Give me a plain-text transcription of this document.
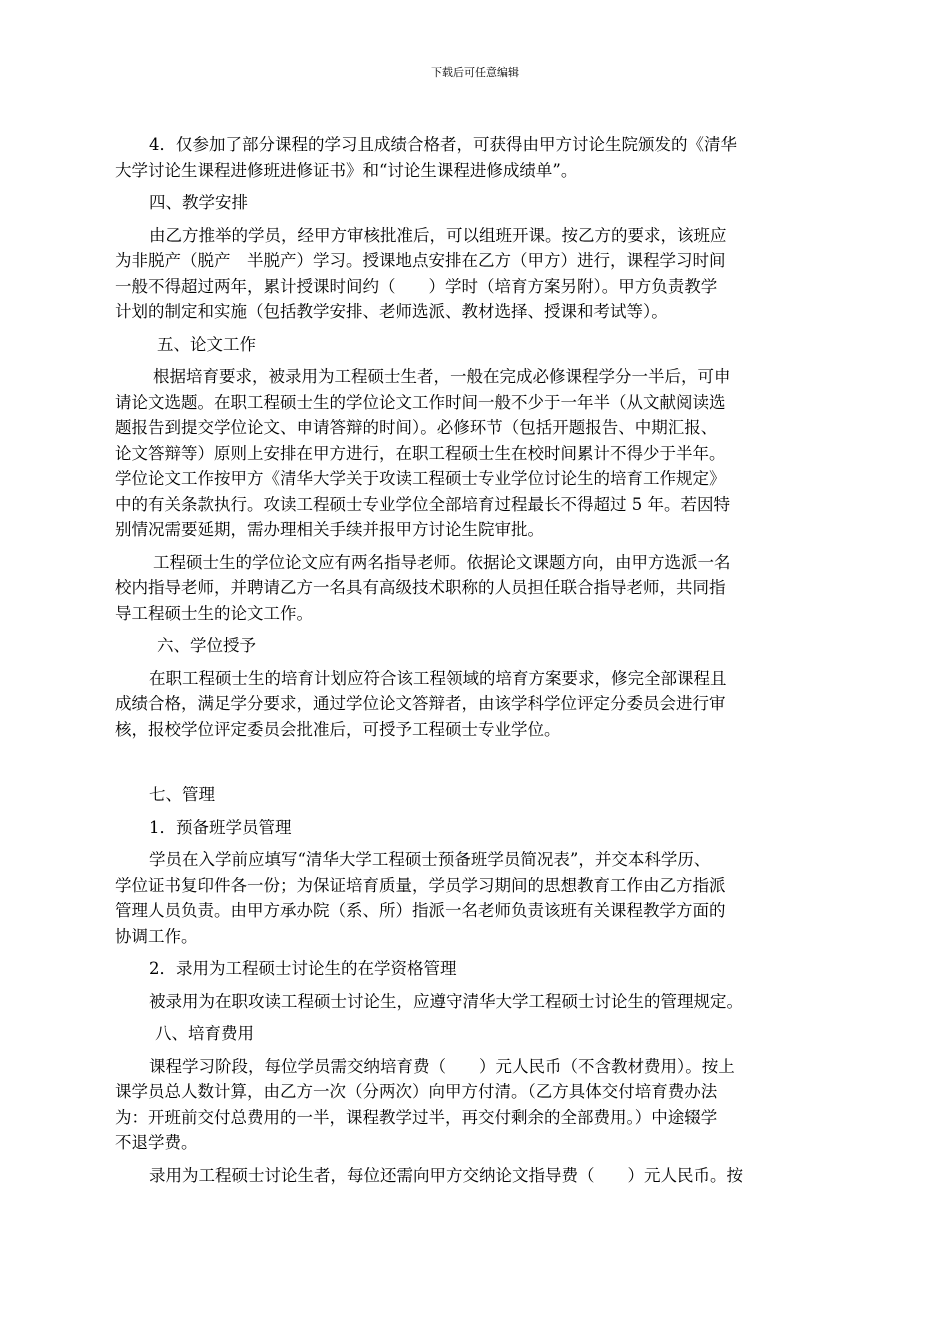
下载后可任意编辑
4．仅参加了部分课程的学习且成绩合格者，可获得由甲方讨论生院颁发的《清华
大学讨论生课程进修班进修证书》和“讨论生课程进修成绩单”。
四、教学安排
由乙方推举的学员，经甲方审核批准后，可以组班开课。按乙方的要求，该班应
为非脱产（脱产　半脱产）学习。授课地点安排在乙方（甲方）进行，课程学习时间
一般不得超过两年，累计授课时间约（　　）学时（培育方案另附）。甲方负责教学
计划的制定和实施（包括教学安排、老师选派、教材选择、授课和考试等）。
五、论文工作
根据培育要求，被录用为工程硕士生者，一般在完成必修课程学分一半后，可申
请论文选题。在职工程硕士生的学位论文工作时间一般不少于一年半（从文献阅读选
题报告到提交学位论文、申请答辩的时间）。必修环节（包括开题报告、中期汇报、
论文答辩等）原则上安排在甲方进行，在职工程硕士生在校时间累计不得少于半年。
学位论文工作按甲方《清华大学关于攻读工程硕士专业学位讨论生的培育工作规定》
中的有关条款执行。攻读工程硕士专业学位全部培育过程最长不得超过 5 年。若因特
别情况需要延期，需办理相关手续并报甲方讨论生院审批。
工程硕士生的学位论文应有两名指导老师。依据论文课题方向，由甲方选派一名
校内指导老师，并聘请乙方一名具有高级技术职称的人员担任联合指导老师，共同指
导工程硕士生的论文工作。
六、学位授予
在职工程硕士生的培育计划应符合该工程领域的培育方案要求，修完全部课程且
成绩合格，满足学分要求，通过学位论文答辩者，由该学科学位评定分委员会进行审
核，报校学位评定委员会批准后，可授予工程硕士专业学位。
七、管理
1．预备班学员管理
学员在入学前应填写“清华大学工程硕士预备班学员简况表”，并交本科学历、
学位证书复印件各一份；为保证培育质量，学员学习期间的思想教育工作由乙方指派
管理人员负责。由甲方承办院（系、所）指派一名老师负责该班有关课程教学方面的
协调工作。
2．录用为工程硕士讨论生的在学资格管理
被录用为在职攻读工程硕士讨论生，应遵守清华大学工程硕士讨论生的管理规定。
八、培育费用
课程学习阶段，每位学员需交纳培育费（　　）元人民币（不含教材费用）。按上
课学员总人数计算，由乙方一次（分两次）向甲方付清。（乙方具体交付培育费办法
为：开班前交付总费用的一半，课程教学过半，再交付剩余的全部费用。）中途辍学
不退学费。
录用为工程硕士讨论生者，每位还需向甲方交纳论文指导费（　　）元人民币。按
